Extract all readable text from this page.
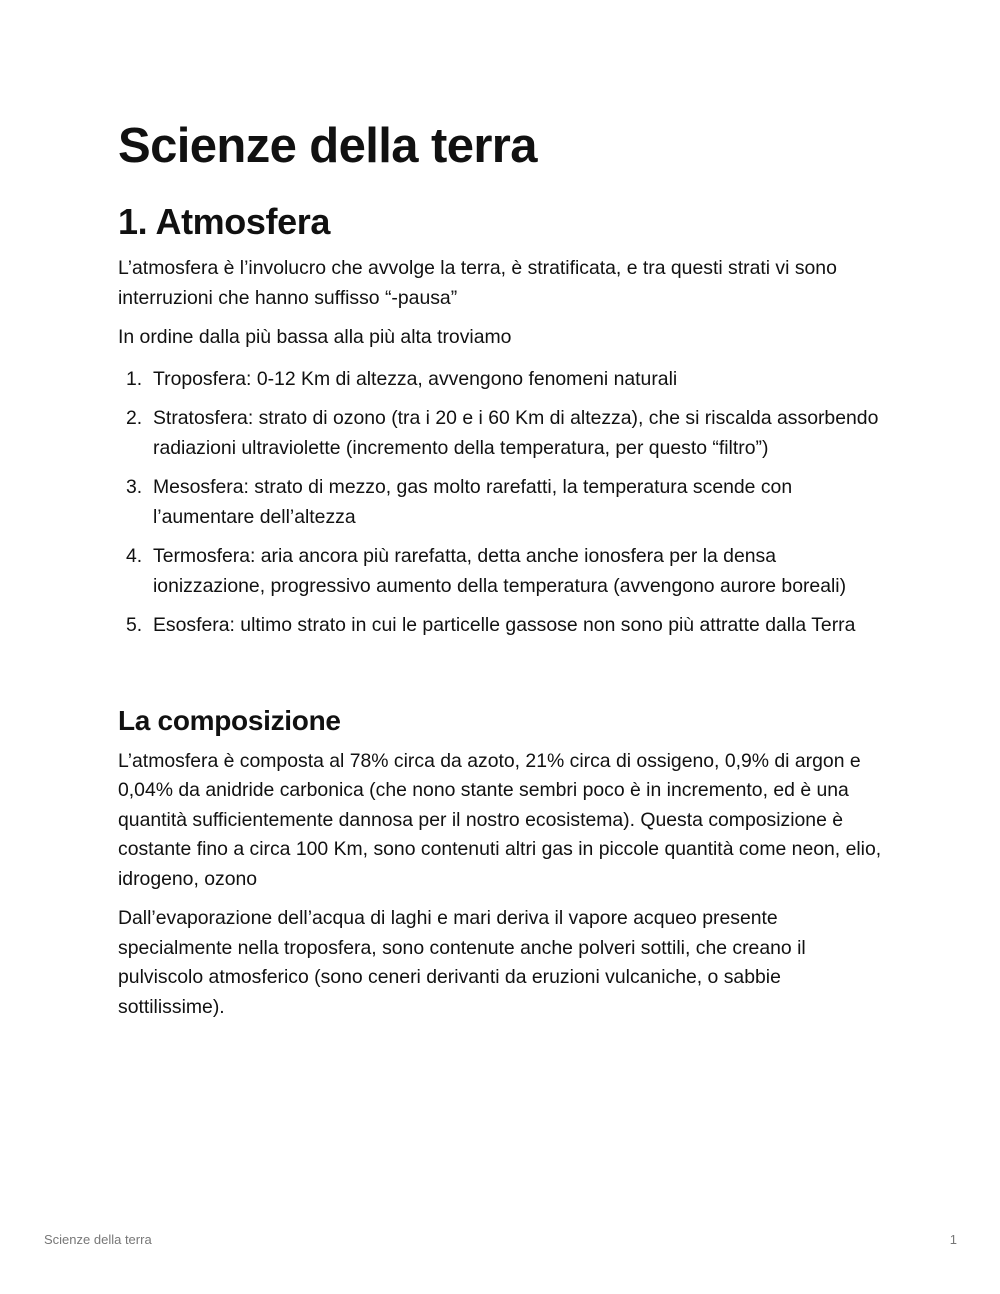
Scienze della terra
1. Atmosfera

L’atmosfera è l’involucro che avvolge la terra, è stratificata, e tra questi strati vi sono interruzioni che hanno suffisso “-pausa”

In ordine dalla più bassa alla più alta troviamo

1. Troposfera: 0-12 Km di altezza, avvengono fenomeni naturali
2. Stratosfera: strato di ozono (tra i 20 e i 60 Km di altezza), che si riscalda assorbendo radiazioni ultraviolette (incremento della temperatura, per questo “filtro”)
3. Mesosfera: strato di mezzo, gas molto rarefatti, la temperatura scende con l’aumentare dell’altezza
4. Termosfera: aria ancora più rarefatta, detta anche ionosfera per la densa ionizzazione, progressivo aumento della temperatura (avvengono aurore boreali)
5. Esosfera: ultimo strato in cui le particelle gassose non sono più attratte dalla Terra
La composizione

L’atmosfera è composta al 78% circa da azoto, 21% circa di ossigeno, 0,9% di argon e 0,04% da anidride carbonica (che nono stante sembri poco è in incremento, ed è una quantità sufficientemente dannosa per il nostro ecosistema). Questa composizione è costante fino a circa 100 Km, sono contenuti altri gas in piccole quantità come neon, elio, idrogeno, ozono

Dall’evaporazione dell’acqua di laghi e mari deriva il vapore acqueo presente specialmente nella troposfera, sono contenute anche polveri sottili, che creano il pulviscolo atmosferico (sono ceneri derivanti da eruzioni vulcaniche, o sabbie sottilissime).

Scienze della terra	1
